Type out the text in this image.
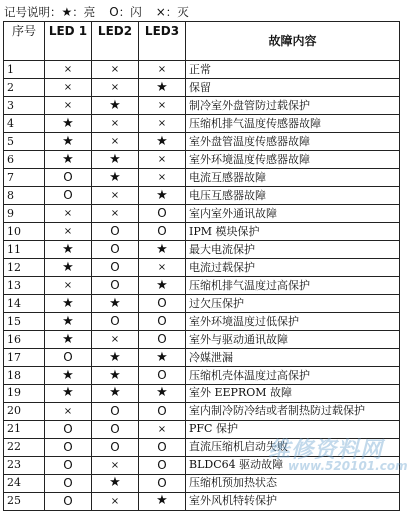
记号说明：★：亮 O：闪 ×：灭
序号	LED 1	LED2	LED3	故障内容
1	×	×	×	正常
2	×	×	★	保留
3	×	★	×	制冷室外盘管防过载保护
4	★	×	×	压缩机排气温度传感器故障
5	★	×	★	室外盘管温度传感器故障
6	★	★	×	室外环境温度传感器故障
7	O	★	×	电流互感器故障
8	O	×	★	电压互感器故障
9	×	×	O	室内室外通讯故障
10	×	O	O	IPM 模块保护
11	★	O	★	最大电流保护
12	★	O	×	电流过载保护
13	×	O	★	压缩机排气温度过高保护
14	★	★	O	过欠压保护
15	★	O	O	室外环境温度过低保护
16	★	×	O	室外与驱动通讯故障
17	O	★	★	冷媒泄漏
18	★	★	O	压缩机壳体温度过高保护
19	★	★	★	室外 EEPROM 故障
20	×	O	O	室内制冷防冷结或者制热防过载保护
21	O	O	×	PFC 保护
22	O	O	O	直流压缩机启动失败
23	O	×	O	BLDC64 驱动故障
24	O	★	O	压缩机预加热状态
25	O	×	★	室外风机特转保护
维修资料网
www.520101.com
